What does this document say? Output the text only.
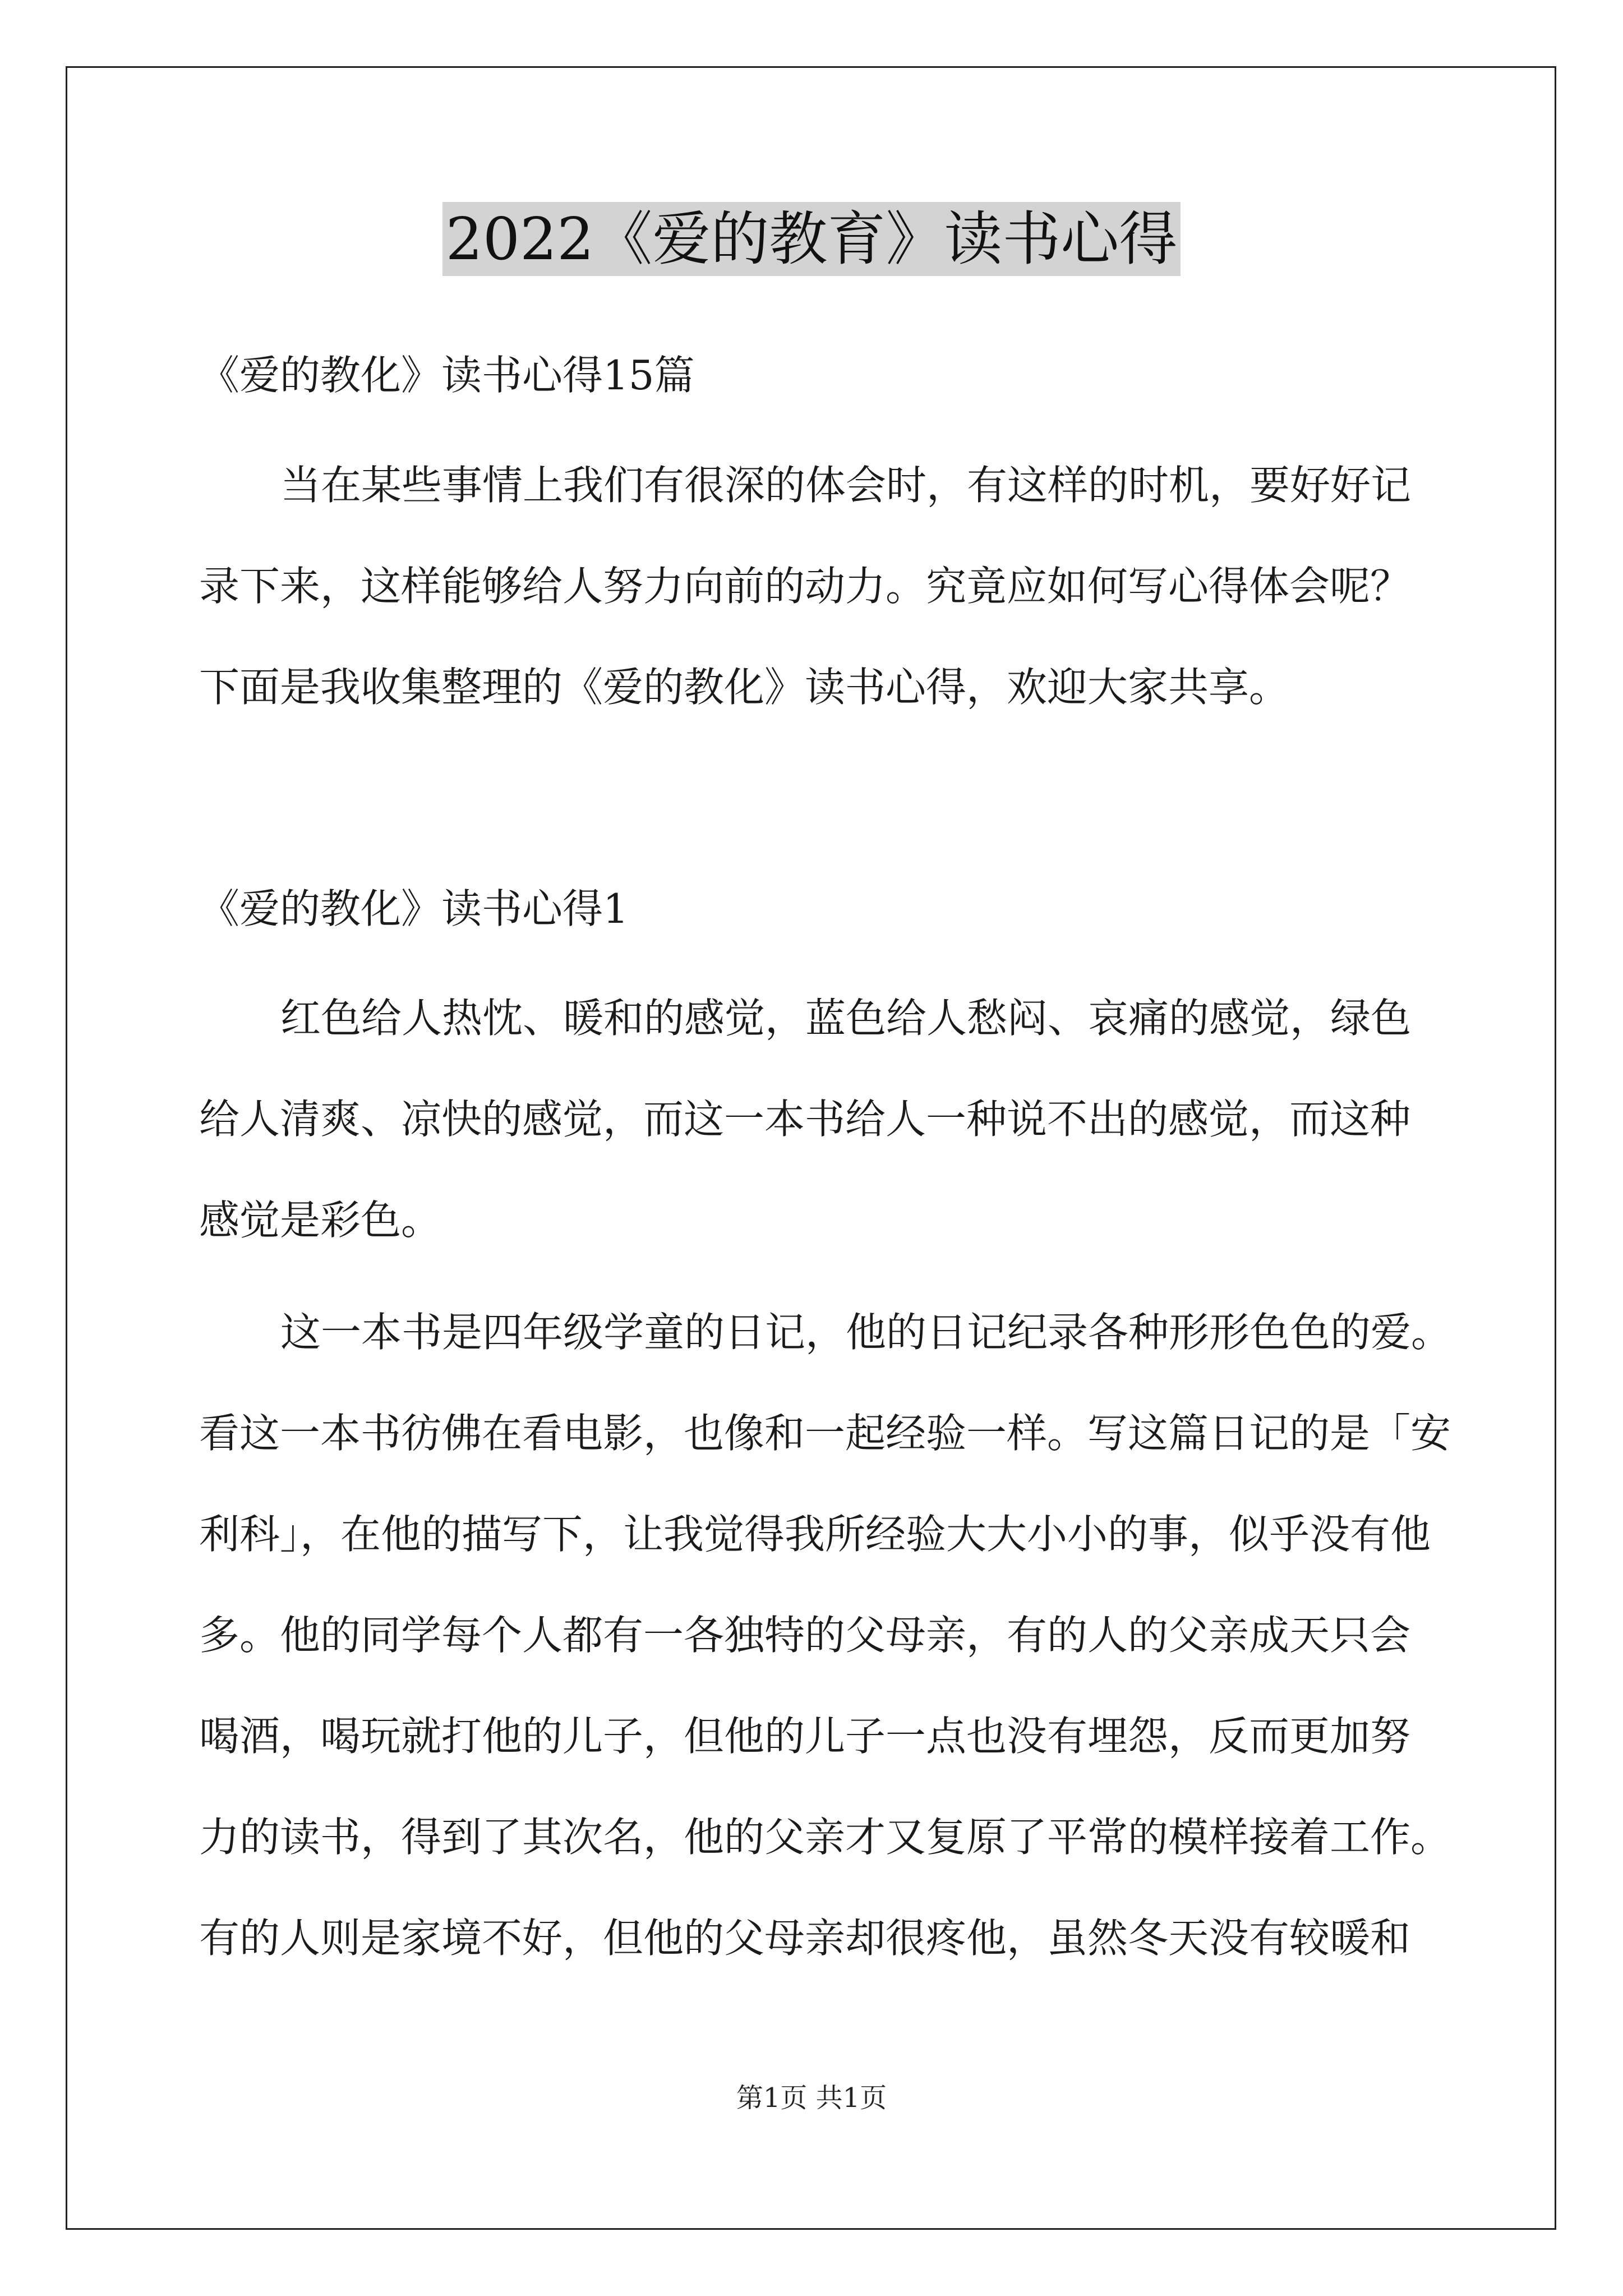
2022《爱的教育》读书心得
《爱的教化》读书心得15篇
当在某些事情上我们有很深的体会时，有这样的时机，要好好记
录下来，这样能够给人努力向前的动力。究竟应如何写心得体会呢？
下面是我收集整理的《爱的教化》读书心得，欢迎大家共享。
《爱的教化》读书心得1
红色给人热忱、暖和的感觉，蓝色给人愁闷、哀痛的感觉，绿色
给人清爽、凉快的感觉，而这一本书给人一种说不出的感觉，而这种
感觉是彩色。
这一本书是四年级学童的日记，他的日记纪录各种形形色色的爱。
看这一本书彷佛在看电影，也像和一起经验一样。写这篇日记的是「安
利科」，在他的描写下，让我觉得我所经验大大小小的事，似乎没有他
多。他的同学每个人都有一各独特的父母亲，有的人的父亲成天只会
喝酒，喝玩就打他的儿子，但他的儿子一点也没有埋怨，反而更加努
力的读书，得到了其次名，他的父亲才又复原了平常的模样接着工作。
有的人则是家境不好，但他的父母亲却很疼他，虽然冬天没有较暖和
第1页 共1页
